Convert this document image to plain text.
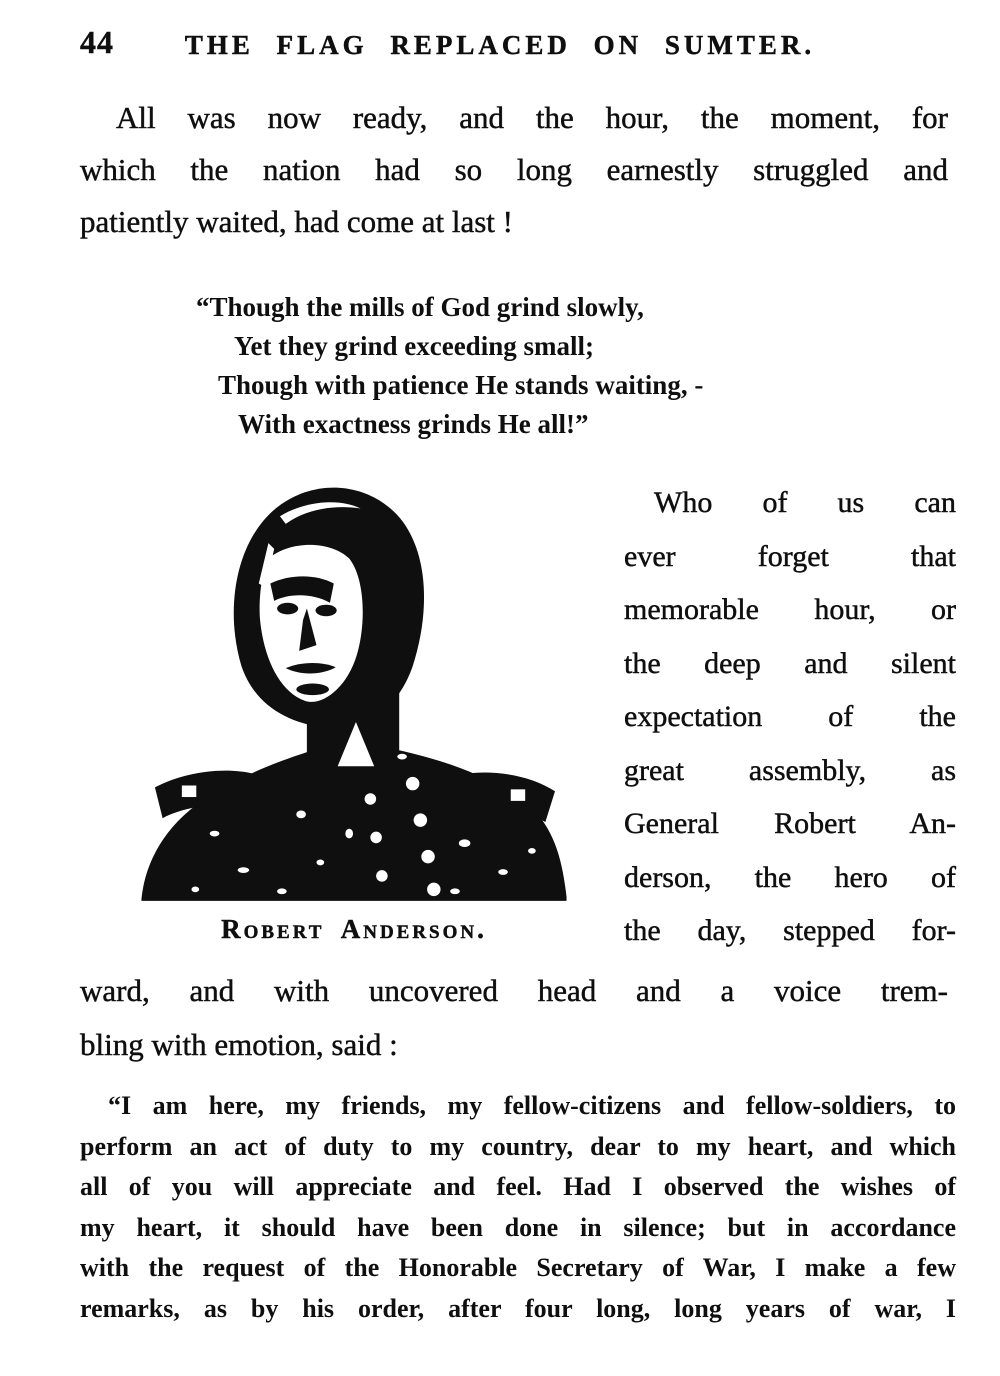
44	THE FLAG REPLACED ON SUMTER.
All was now ready, and the hour, the moment, for
which the nation had so long earnestly struggled and
patiently waited, had come at last !
“Though the mills of God grind slowly,
Yet they grind exceeding small;
Though with patience He stands waiting, -
With exactness grinds He all!”
Robert Anderson.
Who of us can
ever forget that
memorable hour, or
the deep and silent
expectation of the
great assembly, as
General Robert An-
derson, the hero of
the day, stepped for-
ward, and with uncovered head and a voice trem-
bling with emotion, said :
“I am here, my friends, my fellow-citizens and fellow-soldiers, to
perform an act of duty to my country, dear to my heart, and which
all of you will appreciate and feel. Had I observed the wishes of
my heart, it should have been done in silence; but in accordance
with the request of the Honorable Secretary of War, I make a few
remarks, as by his order, after four long, long years of war, I
